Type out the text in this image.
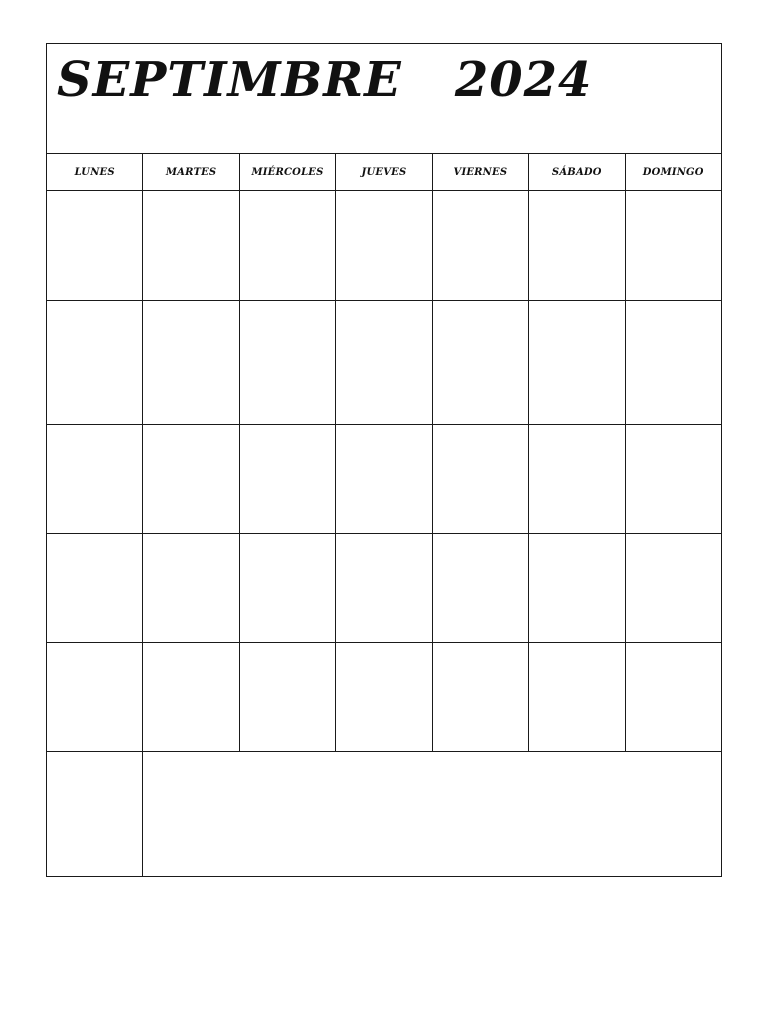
SEPTIMBRE   2024
LUNES	MARTES	MIÉRCOLES	JUEVES	VIERNES	SÁBADO	DOMINGO
